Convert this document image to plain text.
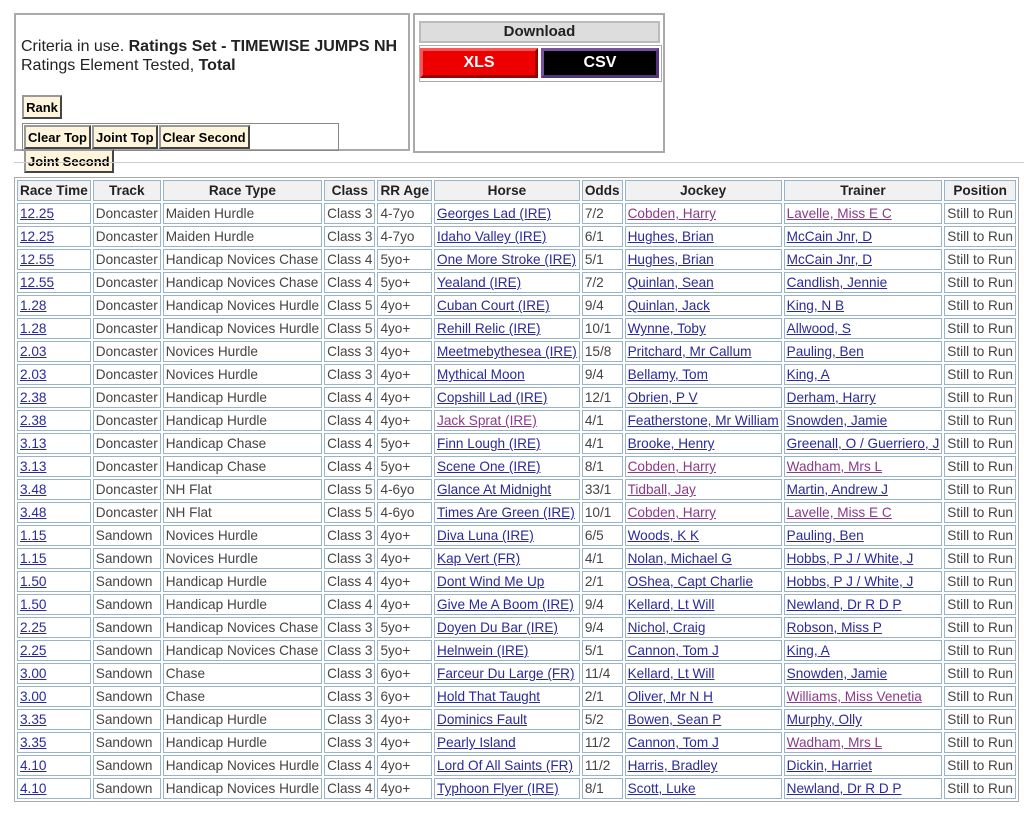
Criteria in use. Ratings Set - TIMEWISE JUMPS NH
Ratings Element Tested, Total
Rank
Clear Top Joint Top Clear SecondJoint Second
Download
XLS	CSV
Race Time	Track	Race Type	Class	RR Age	Horse	Odds	Jockey	Trainer	Position
12.25	Doncaster	Maiden Hurdle	Class 3	4-7yo	Georges Lad (IRE)	7/2	Cobden, Harry	Lavelle, Miss E C	Still to Run
12.25	Doncaster	Maiden Hurdle	Class 3	4-7yo	Idaho Valley (IRE)	6/1	Hughes, Brian	McCain Jnr, D	Still to Run
12.55	Doncaster	Handicap Novices Chase	Class 4	5yo+	One More Stroke (IRE)	5/1	Hughes, Brian	McCain Jnr, D	Still to Run
12.55	Doncaster	Handicap Novices Chase	Class 4	5yo+	Yealand (IRE)	7/2	Quinlan, Sean	Candlish, Jennie	Still to Run
1.28	Doncaster	Handicap Novices Hurdle	Class 5	4yo+	Cuban Court (IRE)	9/4	Quinlan, Jack	King, N B	Still to Run
1.28	Doncaster	Handicap Novices Hurdle	Class 5	4yo+	Rehill Relic (IRE)	10/1	Wynne, Toby	Allwood, S	Still to Run
2.03	Doncaster	Novices Hurdle	Class 3	4yo+	Meetmebythesea (IRE)	15/8	Pritchard, Mr Callum	Pauling, Ben	Still to Run
2.03	Doncaster	Novices Hurdle	Class 3	4yo+	Mythical Moon	9/4	Bellamy, Tom	King, A	Still to Run
2.38	Doncaster	Handicap Hurdle	Class 4	4yo+	Copshill Lad (IRE)	12/1	Obrien, P V	Derham, Harry	Still to Run
2.38	Doncaster	Handicap Hurdle	Class 4	4yo+	Jack Sprat (IRE)	4/1	Featherstone, Mr William	Snowden, Jamie	Still to Run
3.13	Doncaster	Handicap Chase	Class 4	5yo+	Finn Lough (IRE)	4/1	Brooke, Henry	Greenall, O / Guerriero, J	Still to Run
3.13	Doncaster	Handicap Chase	Class 4	5yo+	Scene One (IRE)	8/1	Cobden, Harry	Wadham, Mrs L	Still to Run
3.48	Doncaster	NH Flat	Class 5	4-6yo	Glance At Midnight	33/1	Tidball, Jay	Martin, Andrew J	Still to Run
3.48	Doncaster	NH Flat	Class 5	4-6yo	Times Are Green (IRE)	10/1	Cobden, Harry	Lavelle, Miss E C	Still to Run
1.15	Sandown	Novices Hurdle	Class 3	4yo+	Diva Luna (IRE)	6/5	Woods, K K	Pauling, Ben	Still to Run
1.15	Sandown	Novices Hurdle	Class 3	4yo+	Kap Vert (FR)	4/1	Nolan, Michael G	Hobbs, P J / White, J	Still to Run
1.50	Sandown	Handicap Hurdle	Class 4	4yo+	Dont Wind Me Up	2/1	OShea, Capt Charlie	Hobbs, P J / White, J	Still to Run
1.50	Sandown	Handicap Hurdle	Class 4	4yo+	Give Me A Boom (IRE)	9/4	Kellard, Lt Will	Newland, Dr R D P	Still to Run
2.25	Sandown	Handicap Novices Chase	Class 3	5yo+	Doyen Du Bar (IRE)	9/4	Nichol, Craig	Robson, Miss P	Still to Run
2.25	Sandown	Handicap Novices Chase	Class 3	5yo+	Helnwein (IRE)	5/1	Cannon, Tom J	King, A	Still to Run
3.00	Sandown	Chase	Class 3	6yo+	Farceur Du Large (FR)	11/4	Kellard, Lt Will	Snowden, Jamie	Still to Run
3.00	Sandown	Chase	Class 3	6yo+	Hold That Taught	2/1	Oliver, Mr N H	Williams, Miss Venetia	Still to Run
3.35	Sandown	Handicap Hurdle	Class 3	4yo+	Dominics Fault	5/2	Bowen, Sean P	Murphy, Olly	Still to Run
3.35	Sandown	Handicap Hurdle	Class 3	4yo+	Pearly Island	11/2	Cannon, Tom J	Wadham, Mrs L	Still to Run
4.10	Sandown	Handicap Novices Hurdle	Class 4	4yo+	Lord Of All Saints (FR)	11/2	Harris, Bradley	Dickin, Harriet	Still to Run
4.10	Sandown	Handicap Novices Hurdle	Class 4	4yo+	Typhoon Flyer (IRE)	8/1	Scott, Luke	Newland, Dr R D P	Still to Run
